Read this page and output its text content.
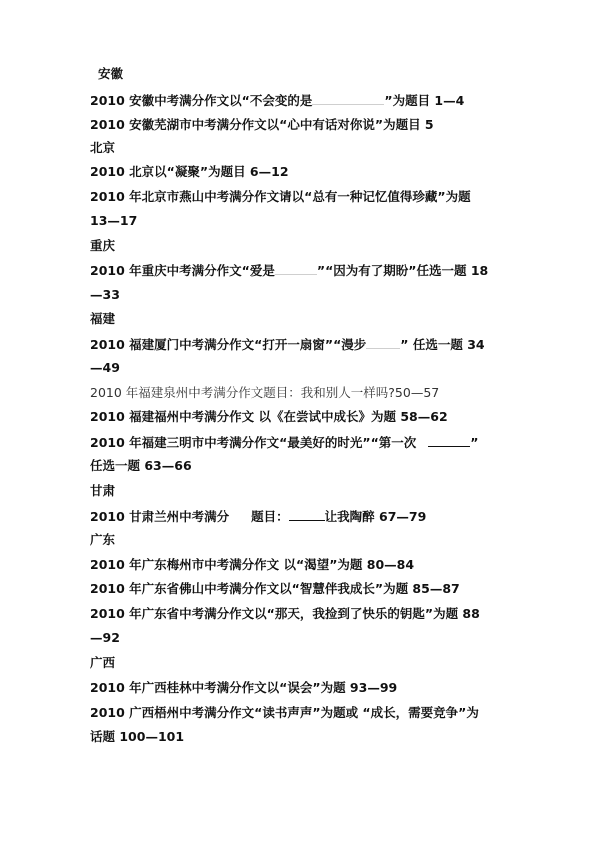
安徽
2010 安徽中考满分作文以“不会变的是	”为题目 1—4
2010 安徽芜湖市中考满分作文以“心中有话对你说”为题目 5
北京
2010 北京以“凝聚”为题目 6—12
2010 年北京市燕山中考满分作文请以“总有一种记忆值得珍藏”为题
13—17
重庆
2010 年重庆中考满分作文“爱是	”“因为有了期盼”任选一题 18
—33
福建
2010 福建厦门中考满分作文“打开一扇窗”“漫步	” 任选一题 34
—49
2010 年福建泉州中考满分作文题目：我和别人一样吗?50—57
2010 福建福州中考满分作文 以《在尝试中成长》为题 58—62
2010 年福建三明市中考满分作文“最美好的时光”“第一次	”
任选一题 63—66
甘肃
2010 甘肃兰州中考满分 题目：	让我陶醉 67—79
广东
2010 年广东梅州市中考满分作文 以“渴望”为题 80—84
2010 年广东省佛山中考满分作文以“智慧伴我成长”为题 85—87
2010 年广东省中考满分作文以“那天，我捡到了快乐的钥匙”为题 88
—92
广西
2010 年广西桂林中考满分作文以“误会”为题 93—99
2010 广西梧州中考满分作文“读书声声”为题或 “成长，需要竞争”为
话题 100—101
